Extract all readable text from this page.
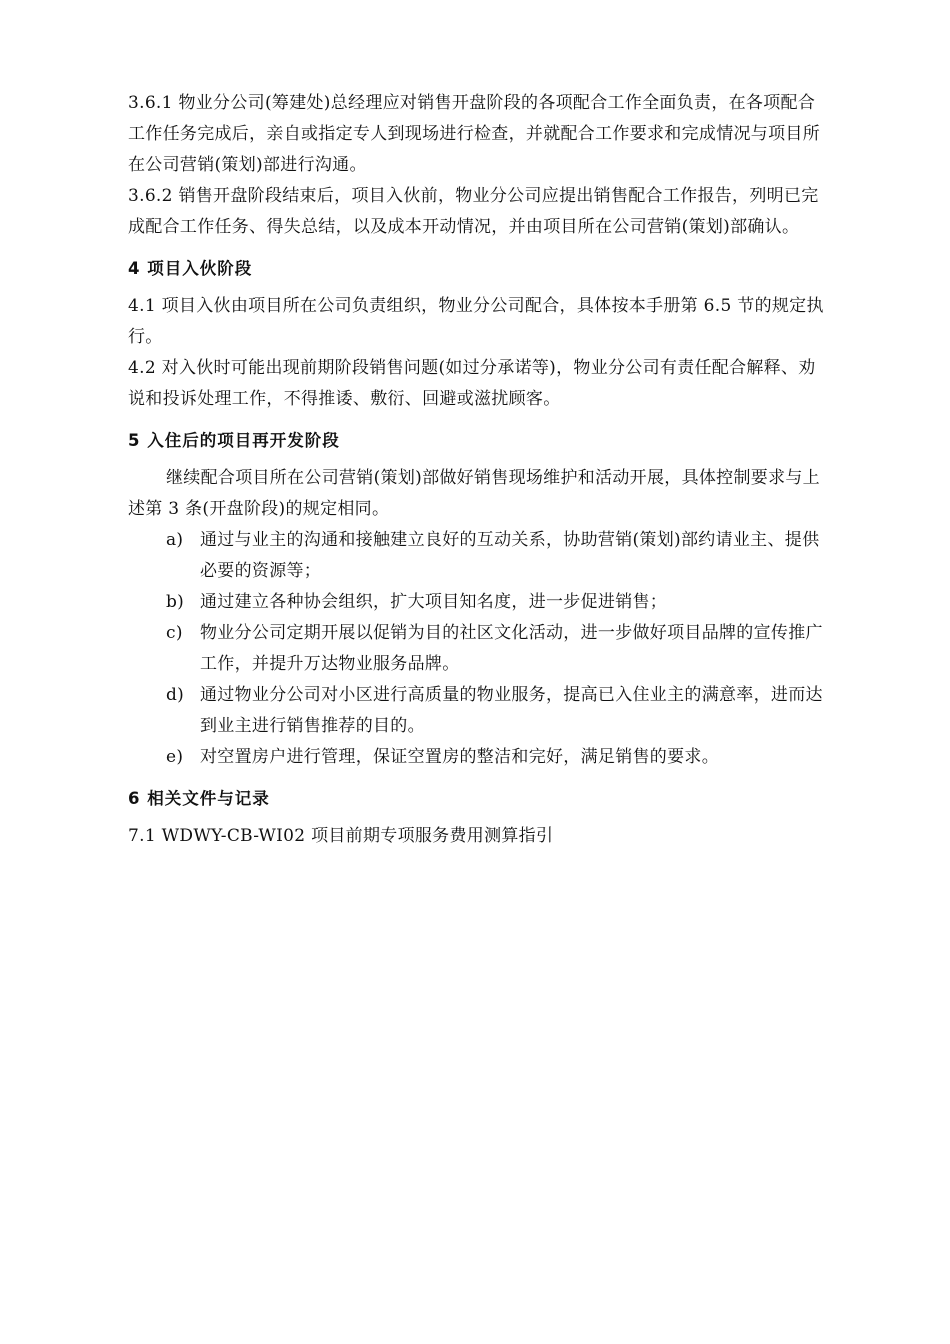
3.6.1 物业分公司(筹建处)总经理应对销售开盘阶段的各项配合工作全面负责，在各项配合工作任务完成后，亲自或指定专人到现场进行检查，并就配合工作要求和完成情况与项目所在公司营销(策划)部进行沟通。

3.6.2 销售开盘阶段结束后，项目入伙前，物业分公司应提出销售配合工作报告，列明已完成配合工作任务、得失总结，以及成本开动情况，并由项目所在公司营销(策划)部确认。

4 项目入伙阶段

4.1 项目入伙由项目所在公司负责组织，物业分公司配合，具体按本手册第 6.5 节的规定执行。

4.2 对入伙时可能出现前期阶段销售问题(如过分承诺等)，物业分公司有责任配合解释、劝说和投诉处理工作，不得推诿、敷衍、回避或滋扰顾客。

5 入住后的项目再开发阶段

继续配合项目所在公司营销(策划)部做好销售现场维护和活动开展，具体控制要求与上述第 3 条(开盘阶段)的规定相同。

a) 通过与业主的沟通和接触建立良好的互动关系，协助营销(策划)部约请业主、提供必要的资源等；
b) 通过建立各种协会组织，扩大项目知名度，进一步促进销售；
c)	物业分公司定期开展以促销为目的社区文化活动，进一步做好项目品牌的宣传推广工作，并提升万达物业服务品牌。
d) 通过物业分公司对小区进行高质量的物业服务，提高已入住业主的满意率，进而达到业主进行销售推荐的目的。
e) 对空置房户进行管理，保证空置房的整洁和完好，满足销售的要求。
6 相关文件与记录

7.1 WDWY-CB-WI02 项目前期专项服务费用测算指引
